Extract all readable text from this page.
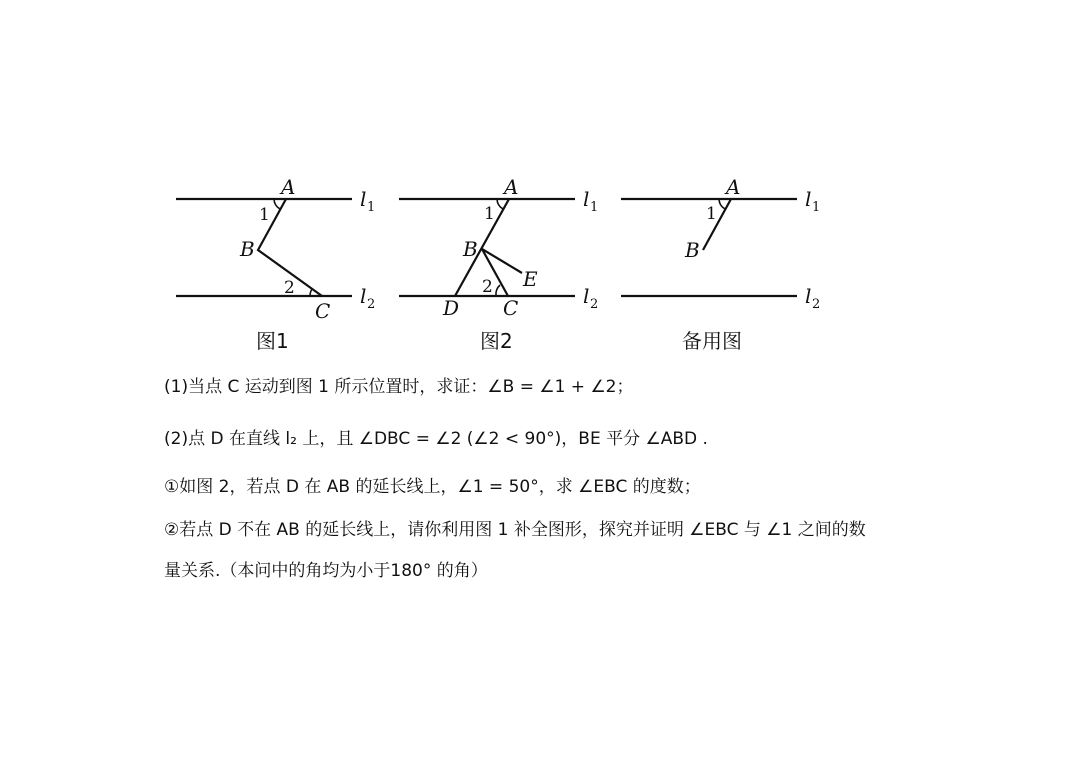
A
B
C
1
2
l 1
l 2
图1
A
B
C
D
E
1
2
l 1
l 2
图2
A
B
1
l 1
l 2
备用图
(1)当点 C 运动到图 1 所示位置时，求证：∠B = ∠1 + ∠2；
(2)点 D 在直线 l₂ 上，且 ∠DBC = ∠2 (∠2 < 90°)，BE 平分 ∠ABD .
①如图 2，若点 D 在 AB 的延长线上，∠1 = 50°，求 ∠EBC 的度数；
②若点 D 不在 AB 的延长线上，请你利用图 1 补全图形，探究并证明 ∠EBC 与 ∠1 之间的数
量关系.（本问中的角均为小于180° 的角）
